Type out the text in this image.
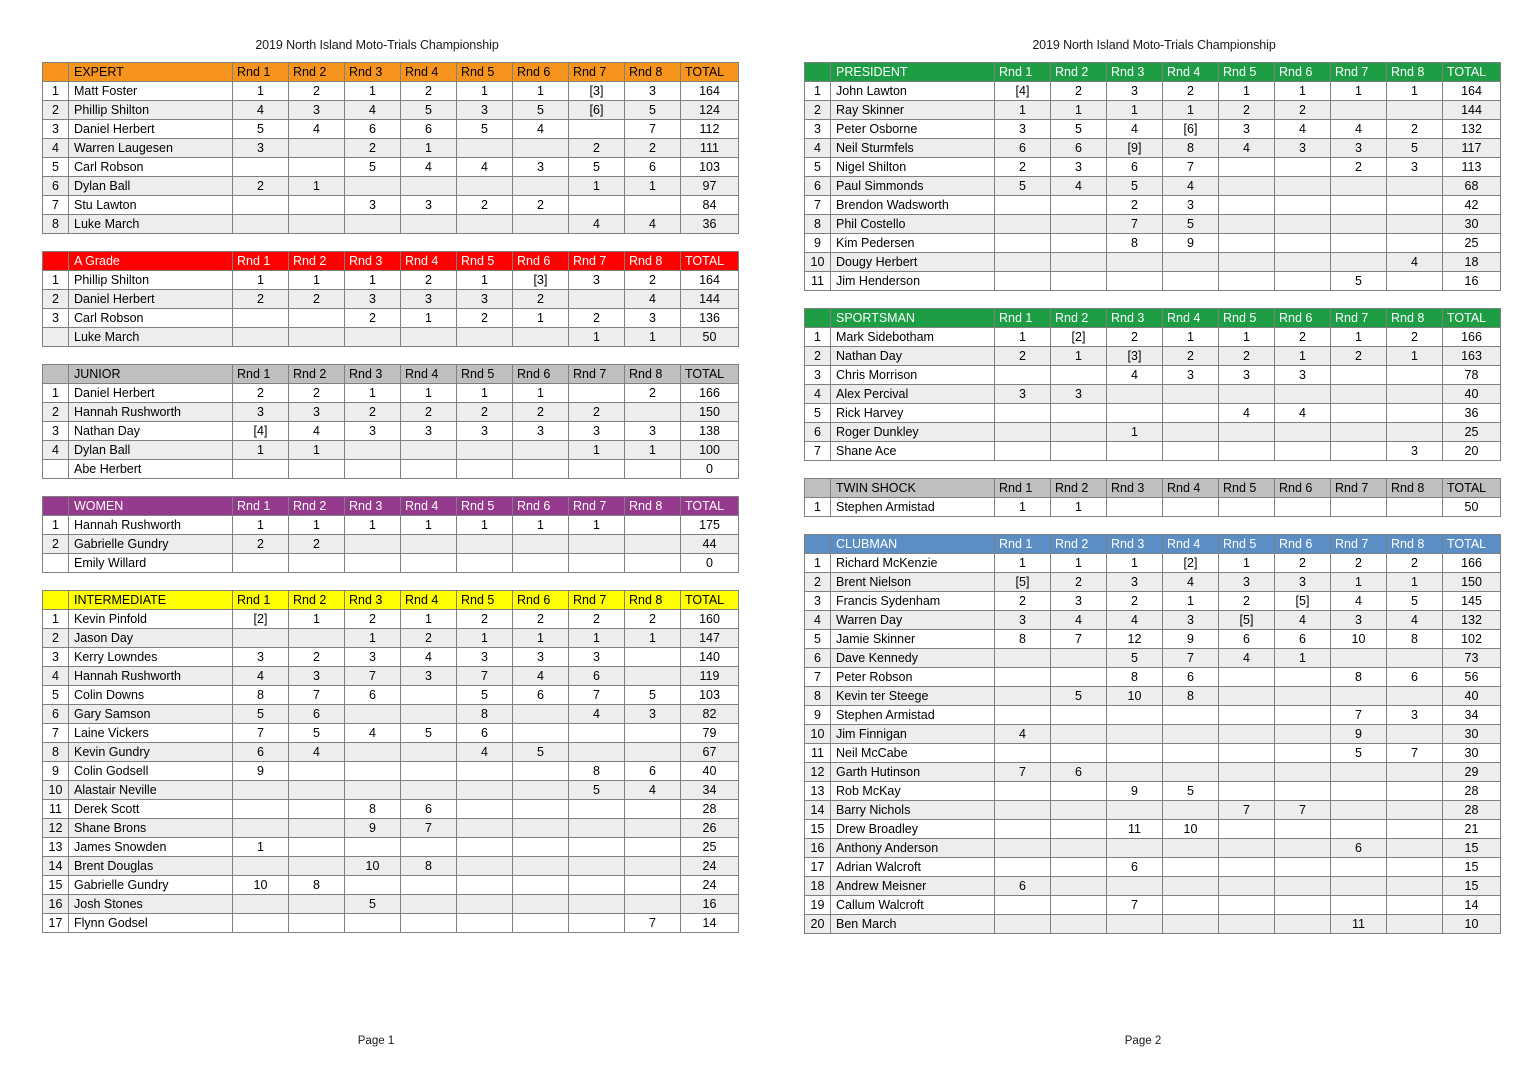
2019 North Island Moto-Trials Championship
	EXPERT	Rnd 1	Rnd 2	Rnd 3	Rnd 4	Rnd 5	Rnd 6	Rnd 7	Rnd 8	TOTAL
1	Matt Foster	1	2	1	2	1	1	[3]	3	164
2	Phillip Shilton	4	3	4	5	3	5	[6]	5	124
3	Daniel Herbert	5	4	6	6	5	4		7	112
4	Warren Laugesen	3		2	1			2	2	111
5	Carl Robson			5	4	4	3	5	6	103
6	Dylan Ball	2	1					1	1	97
7	Stu Lawton			3	3	2	2			84
8	Luke March							4	4	36
	A Grade	Rnd 1	Rnd 2	Rnd 3	Rnd 4	Rnd 5	Rnd 6	Rnd 7	Rnd 8	TOTAL
1	Phillip Shilton	1	1	1	2	1	[3]	3	2	164
2	Daniel Herbert	2	2	3	3	3	2		4	144
3	Carl Robson			2	1	2	1	2	3	136
	Luke March							1	1	50
	JUNIOR	Rnd 1	Rnd 2	Rnd 3	Rnd 4	Rnd 5	Rnd 6	Rnd 7	Rnd 8	TOTAL
1	Daniel Herbert	2	2	1	1	1	1		2	166
2	Hannah Rushworth	3	3	2	2	2	2	2		150
3	Nathan Day	[4]	4	3	3	3	3	3	3	138
4	Dylan Ball	1	1					1	1	100
	Abe Herbert									0
	WOMEN	Rnd 1	Rnd 2	Rnd 3	Rnd 4	Rnd 5	Rnd 6	Rnd 7	Rnd 8	TOTAL
1	Hannah Rushworth	1	1	1	1	1	1	1		175
2	Gabrielle Gundry	2	2							44
	Emily Willard									0
	INTERMEDIATE	Rnd 1	Rnd 2	Rnd 3	Rnd 4	Rnd 5	Rnd 6	Rnd 7	Rnd 8	TOTAL
1	Kevin Pinfold	[2]	1	2	1	2	2	2	2	160
2	Jason Day			1	2	1	1	1	1	147
3	Kerry Lowndes	3	2	3	4	3	3	3		140
4	Hannah Rushworth	4	3	7	3	7	4	6		119
5	Colin Downs	8	7	6		5	6	7	5	103
6	Gary Samson	5	6			8		4	3	82
7	Laine Vickers	7	5	4	5	6				79
8	Kevin Gundry	6	4			4	5			67
9	Colin Godsell	9						8	6	40
10	Alastair Neville							5	4	34
11	Derek Scott			8	6					28
12	Shane Brons			9	7					26
13	James Snowden	1								25
14	Brent Douglas			10	8					24
15	Gabrielle Gundry	10	8							24
16	Josh Stones			5						16
17	Flynn Godsel								7	14
Page 1
2019 North Island Moto-Trials Championship
	PRESIDENT	Rnd 1	Rnd 2	Rnd 3	Rnd 4	Rnd 5	Rnd 6	Rnd 7	Rnd 8	TOTAL
1	John Lawton	[4]	2	3	2	1	1	1	1	164
2	Ray Skinner	1	1	1	1	2	2			144
3	Peter Osborne	3	5	4	[6]	3	4	4	2	132
4	Neil Sturmfels	6	6	[9]	8	4	3	3	5	117
5	Nigel Shilton	2	3	6	7			2	3	113
6	Paul Simmonds	5	4	5	4					68
7	Brendon Wadsworth			2	3					42
8	Phil Costello			7	5					30
9	Kim Pedersen			8	9					25
10	Dougy Herbert								4	18
11	Jim Henderson							5		16
	SPORTSMAN	Rnd 1	Rnd 2	Rnd 3	Rnd 4	Rnd 5	Rnd 6	Rnd 7	Rnd 8	TOTAL
1	Mark Sidebotham	1	[2]	2	1	1	2	1	2	166
2	Nathan Day	2	1	[3]	2	2	1	2	1	163
3	Chris Morrison			4	3	3	3			78
4	Alex Percival	3	3							40
5	Rick Harvey					4	4			36
6	Roger Dunkley			1						25
7	Shane Ace								3	20
	TWIN SHOCK	Rnd 1	Rnd 2	Rnd 3	Rnd 4	Rnd 5	Rnd 6	Rnd 7	Rnd 8	TOTAL
1	Stephen Armistad	1	1							50
	CLUBMAN	Rnd 1	Rnd 2	Rnd 3	Rnd 4	Rnd 5	Rnd 6	Rnd 7	Rnd 8	TOTAL
1	Richard McKenzie	1	1	1	[2]	1	2	2	2	166
2	Brent Nielson	[5]	2	3	4	3	3	1	1	150
3	Francis Sydenham	2	3	2	1	2	[5]	4	5	145
4	Warren Day	3	4	4	3	[5]	4	3	4	132
5	Jamie Skinner	8	7	12	9	6	6	10	8	102
6	Dave Kennedy			5	7	4	1			73
7	Peter Robson			8	6			8	6	56
8	Kevin ter Steege		5	10	8					40
9	Stephen Armistad							7	3	34
10	Jim Finnigan	4						9		30
11	Neil McCabe							5	7	30
12	Garth Hutinson	7	6							29
13	Rob McKay			9	5					28
14	Barry Nichols					7	7			28
15	Drew Broadley			11	10					21
16	Anthony Anderson							6		15
17	Adrian Walcroft			6						15
18	Andrew Meisner	6								15
19	Callum Walcroft			7						14
20	Ben March							11		10
Page 2
